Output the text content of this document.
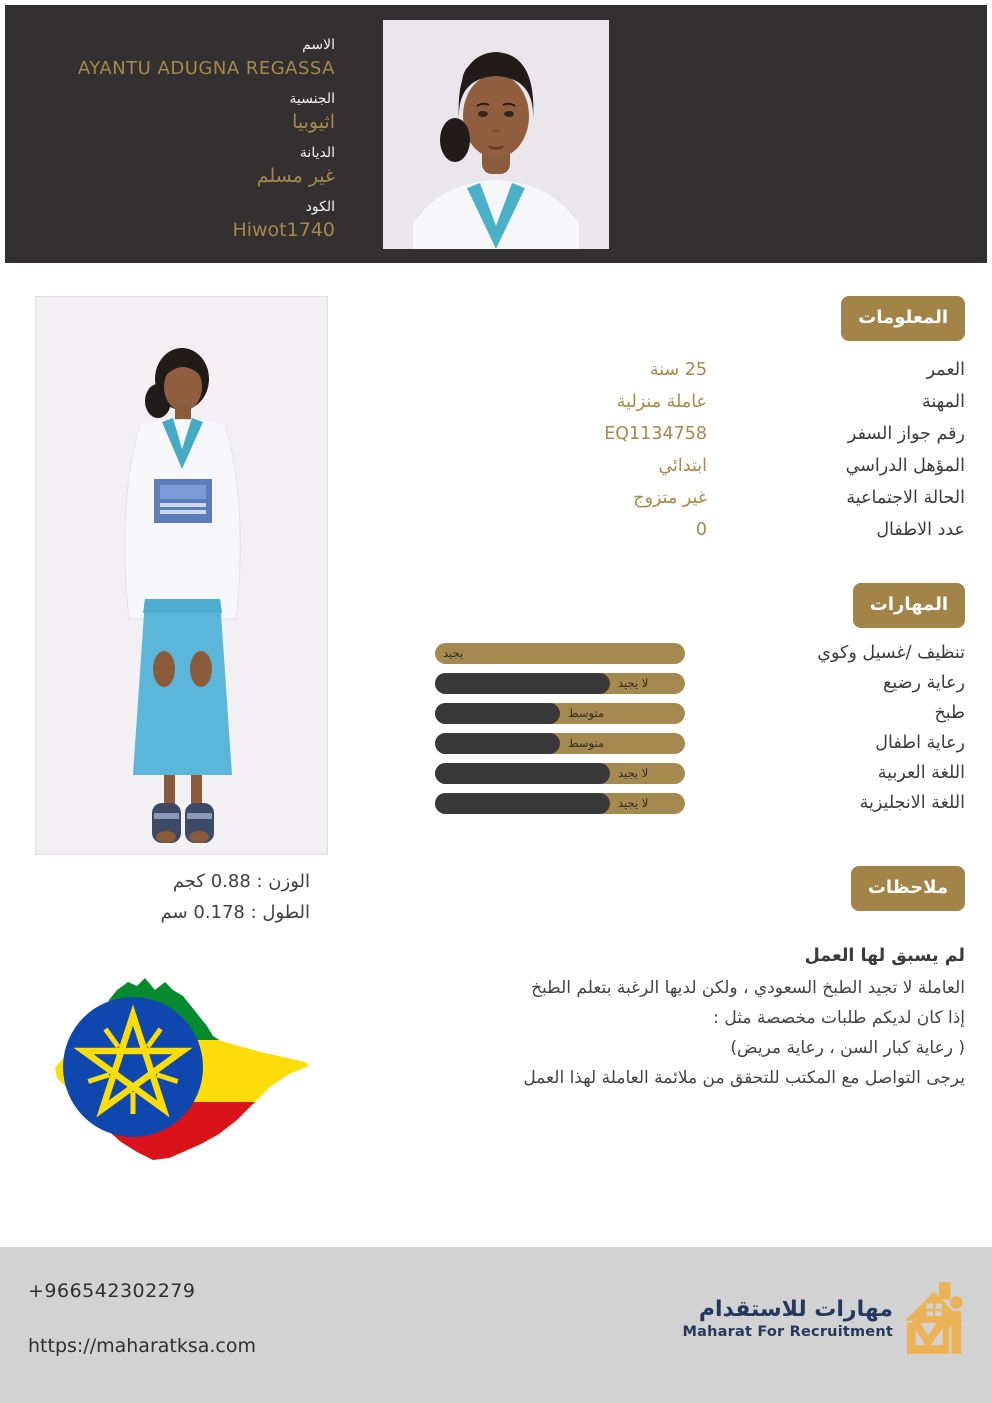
الاسم
AYANTU ADUGNA REGASSA
الجنسية
اثيوبيا
الديانة
غير مسلم
الكود
Hiwot1740
الوزن : 0.88 كجم
الطول : 0.178 سم
المعلومات
العمر
25 سنة
المهنة
عاملة منزلية
رقم جواز السفر
EQ1134758
المؤهل الدراسي
ابتدائي
الحالة الاجتماعية
غير متزوج
عدد الاطفال
0
المهارات
تنظيف /غسيل وكوي
يجيد
رعاية رضيع
لا يجيد
طبخ
متوسط
رعاية اطفال
متوسط
اللغة العربية
لا يجيد
اللغة الانجليزية
لا يجيد
ملاحظات
لم يسبق لها العمل
العاملة لا تجيد الطبخ السعودي ، ولكن لديها الرغبة بتعلم الطبخ
إذا كان لديكم طلبات مخصصة مثل :
( رعاية كبار السن ، رعاية مريض)
يرجى التواصل مع المكتب للتحقق من ملائمة العاملة لهذا العمل
+966542302279
https://maharatksa.com
مهارات للاستقدام
Maharat For Recruitment
